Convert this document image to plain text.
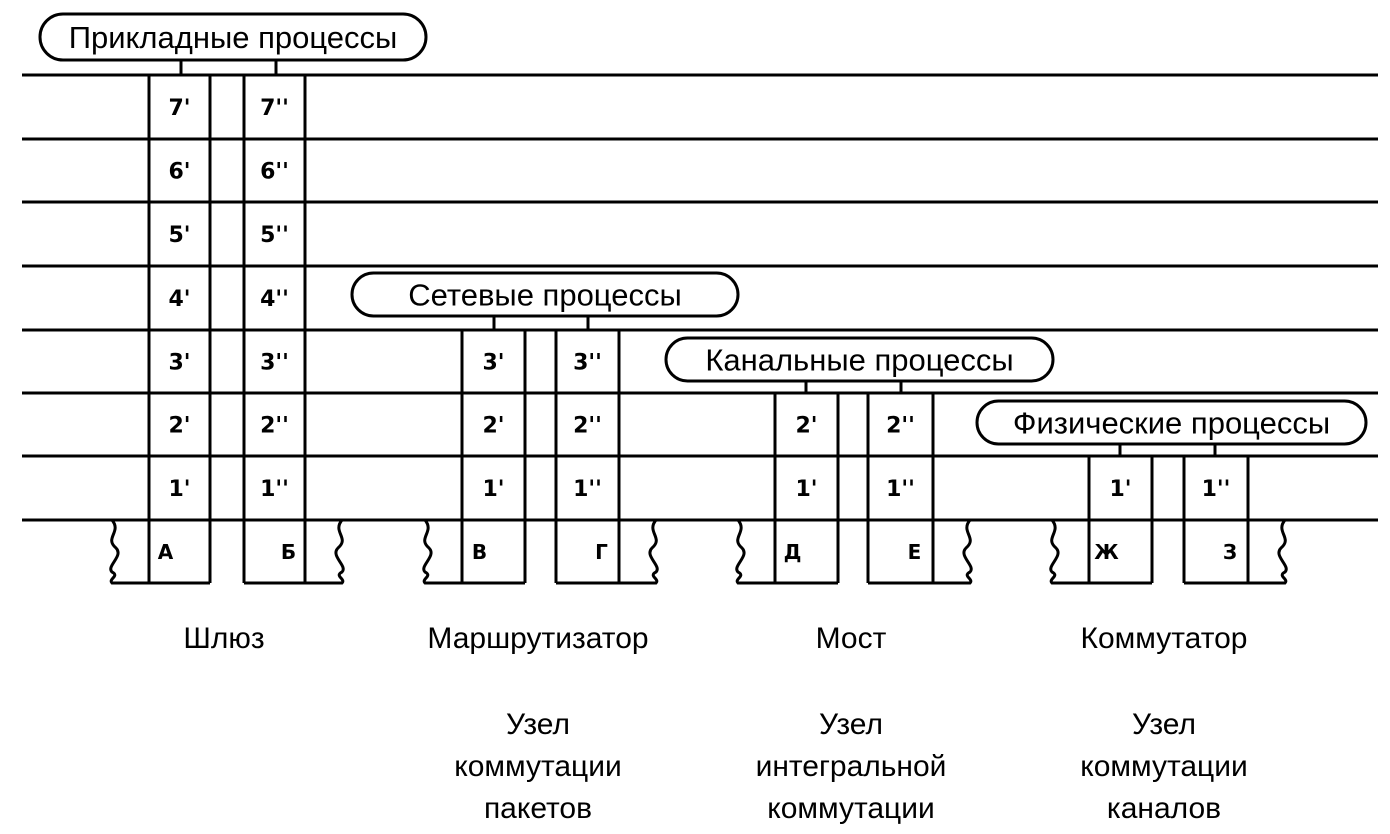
7'
6'
5'
4'
3'
2'
1'
А
7''
6''
5''
4''
3''
2''
1''
Б
3'
2'
1'
В
3''
2''
1''
Г
2'
1'
Д
2''
1''
Е
1'
Ж
1''
З
Прикладные процессы
Сетевые процессы
Канальные процессы
Физические процессы
Шлюз	Маршрутизатор
Узел
коммутации
пакетов
Мост
Узел
интегральной
коммутации
Коммутатор
Узел
коммутации
каналов
